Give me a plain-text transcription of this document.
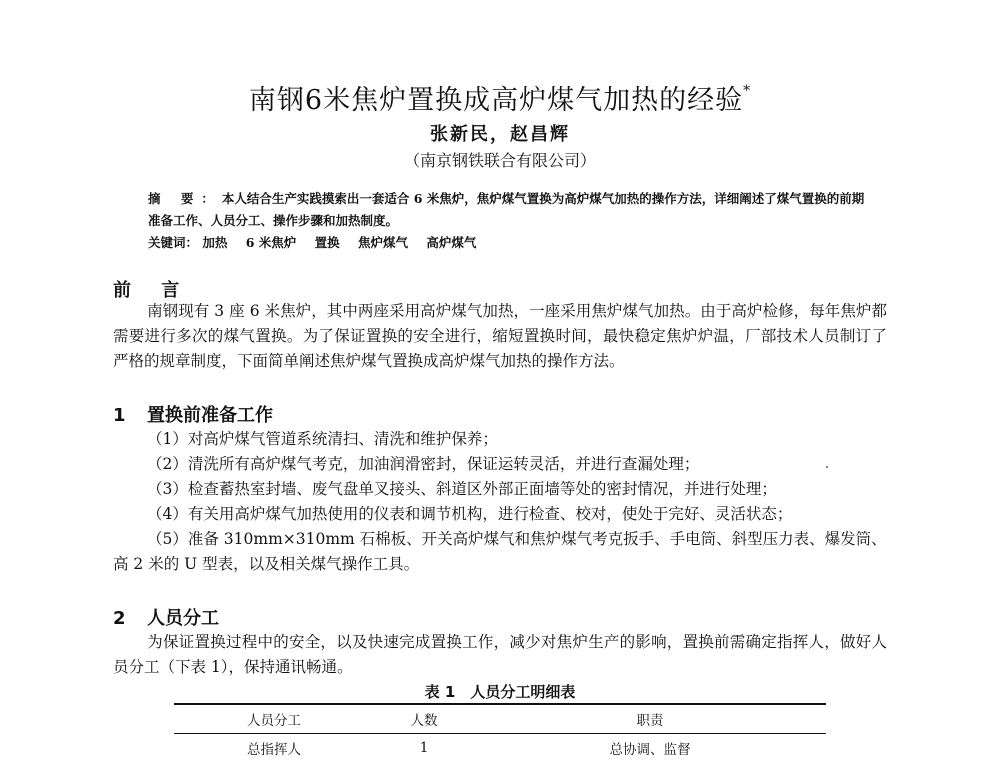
南钢6米焦炉置换成高炉煤气加热的经验*
张新民，赵昌辉
（南京钢铁联合有限公司）
摘 要：本人结合生产实践摸索出一套适合 6 米焦炉，焦炉煤气置换为高炉煤气加热的操作方法，详细阐述了煤气置换的前期准备工作、人员分工、操作步骤和加热制度。
关键词： 加热 6 米焦炉 置换 焦炉煤气 高炉煤气
前 言
南钢现有 3 座 6 米焦炉，其中两座采用高炉煤气加热，一座采用焦炉煤气加热。由于高炉检修，每年焦炉都需要进行多次的煤气置换。为了保证置换的安全进行，缩短置换时间，最快稳定焦炉炉温，厂部技术人员制订了严格的规章制度，下面简单阐述焦炉煤气置换成高炉煤气加热的操作方法。
1 置换前准备工作
（1）对高炉煤气管道系统清扫、清洗和维护保养；
（2）清洗所有高炉煤气考克，加油润滑密封，保证运转灵活，并进行查漏处理；
（3）检查蓄热室封墙、废气盘单叉接头、斜道区外部正面墙等处的密封情况，并进行处理；
（4）有关用高炉煤气加热使用的仪表和调节机构，进行检查、校对，使处于完好、灵活状态；
（5）准备 310mm×310mm 石棉板、开关高炉煤气和焦炉煤气考克扳手、手电筒、斜型压力表、爆发筒、高 2 米的 U 型表，以及相关煤气操作工具。
2 人员分工
为保证置换过程中的安全，以及快速完成置换工作，减少对焦炉生产的影响，置换前需确定指挥人，做好人员分工（下表 1），保持通讯畅通。
表 1　人员分工明细表
人员分工	人数	职责
总指挥人	1	总协调、监督
